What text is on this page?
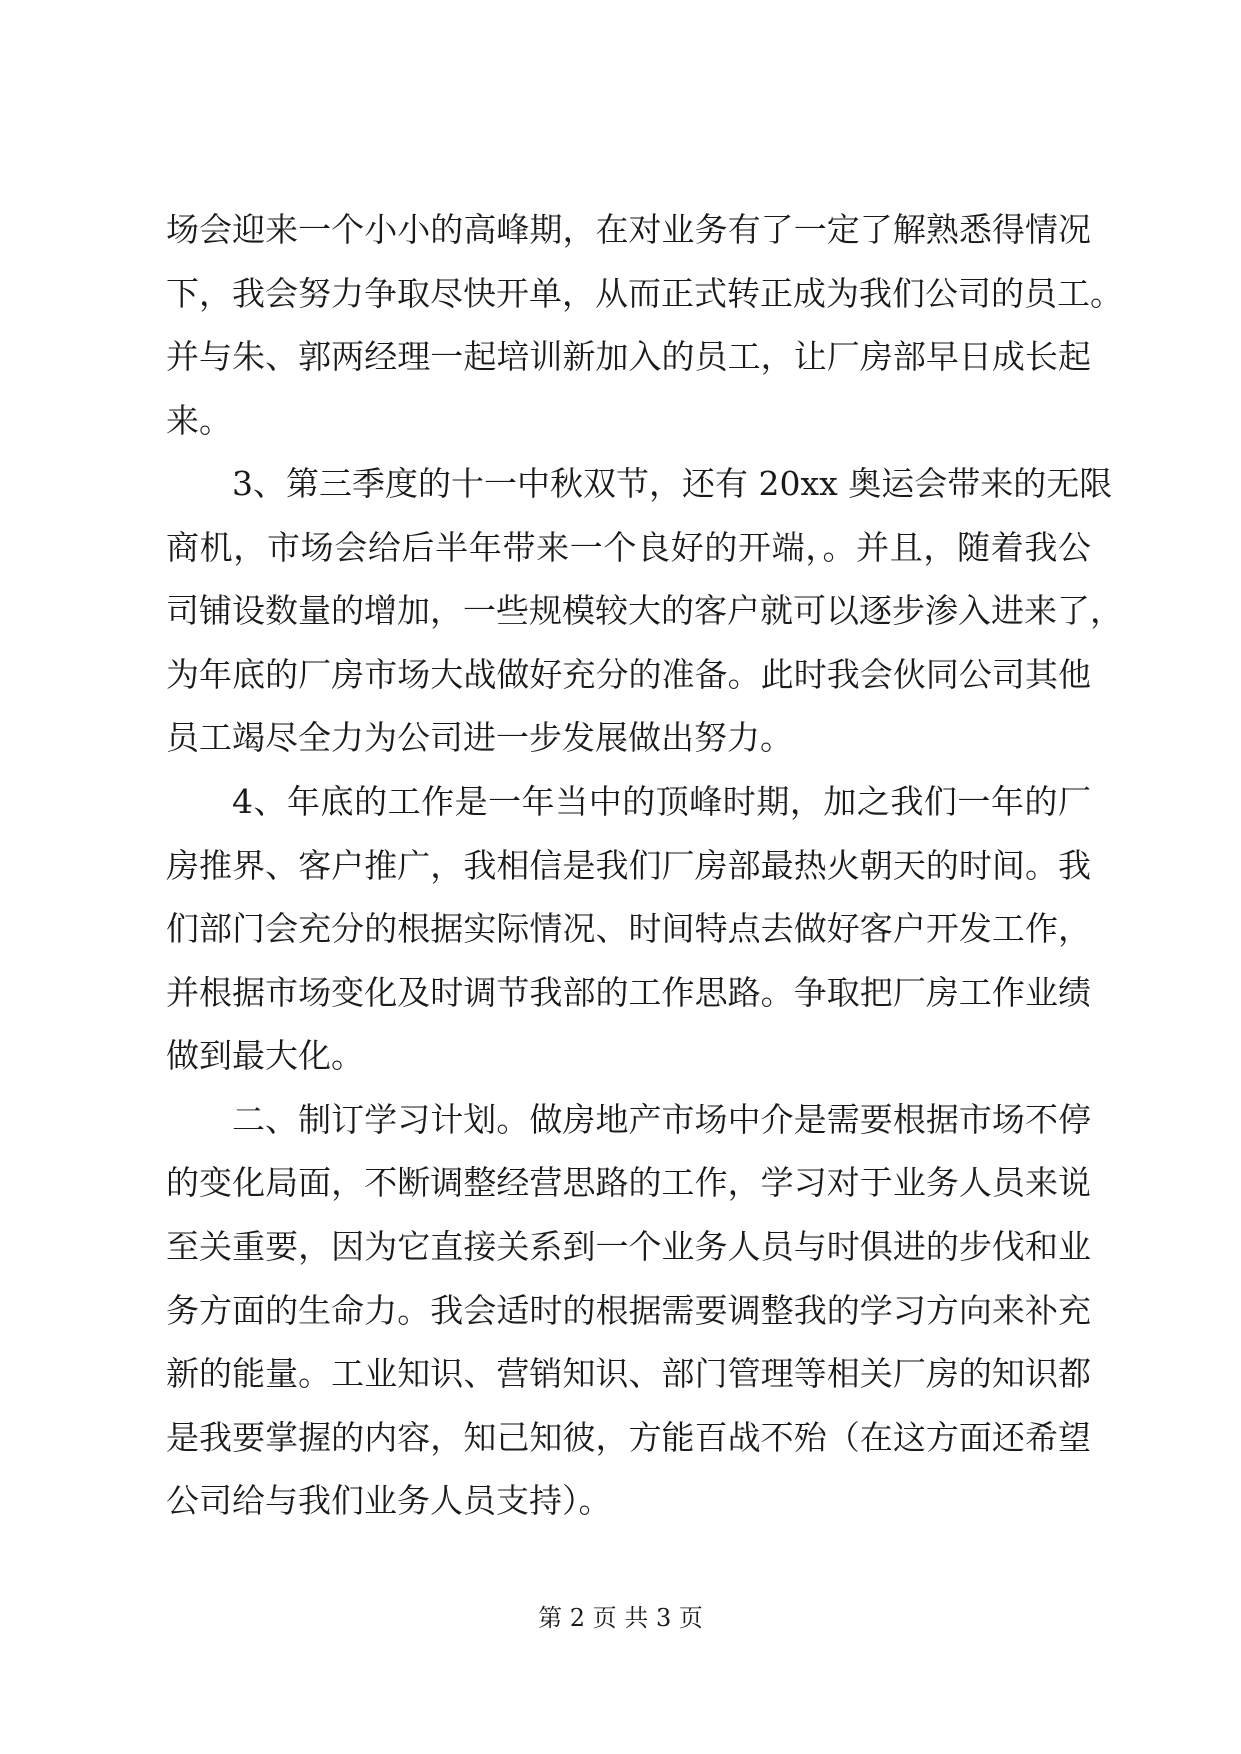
场会迎来一个小小的高峰期，在对业务有了一定了解熟悉得情况
下，我会努力争取尽快开单，从而正式转正成为我们公司的员工。
并与朱、郭两经理一起培训新加入的员工，让厂房部早日成长起
来。
3、第三季度的十一中秋双节，还有 20xx 奥运会带来的无限
商机，市场会给后半年带来一个良好的开端，。并且，随着我公
司铺设数量的增加，一些规模较大的客户就可以逐步渗入进来了，
为年底的厂房市场大战做好充分的准备。此时我会伙同公司其他
员工竭尽全力为公司进一步发展做出努力。
4、年底的工作是一年当中的顶峰时期，加之我们一年的厂
房推界、客户推广，我相信是我们厂房部最热火朝天的时间。我
们部门会充分的根据实际情况、时间特点去做好客户开发工作，
并根据市场变化及时调节我部的工作思路。争取把厂房工作业绩
做到最大化。
二、制订学习计划。做房地产市场中介是需要根据市场不停
的变化局面，不断调整经营思路的工作，学习对于业务人员来说
至关重要，因为它直接关系到一个业务人员与时俱进的步伐和业
务方面的生命力。我会适时的根据需要调整我的学习方向来补充
新的能量。工业知识、营销知识、部门管理等相关厂房的知识都
是我要掌握的内容，知己知彼，方能百战不殆（在这方面还希望
公司给与我们业务人员支持）。
第 2 页 共 3 页
